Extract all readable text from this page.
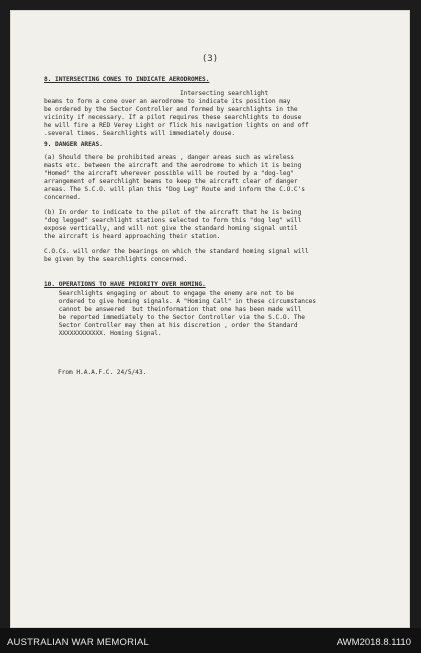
(3)
8. INTERSECTING CONES TO INDICATE AERODROMES.
Intersecting searchlight
beams to form a cone over an aerodrome to indicate its position may
be ordered by the Sector Controller and formed by searchlights in the
vicinity if necessary. If a pilot requires these searchlights to douse
he will fire a RED Verey Light or flick his navigation lights on and off
.several times. Searchlights will immediately douse.
9. DANGER AREAS.
(a) Should there be prohibited areas , danger areas such as wireless
masts etc. between the aircraft and the aerodrome to which it is being
"Homed" the aircraft wherever possible will be routed by a "dog-leg"
arrangement of searchlight beams to keep the aircraft clear of danger
areas. The S.C.O. will plan this "Dog Leg" Route and inform the C.O.C's
concerned.
(b) In order to indicate to the pilot of the aircraft that he is being
"dog legged" searchlight stations selected to form this "dog leg" will
expose vertically, and will not give the standard homing signal until
the aircraft is heard approaching their station.
C.O.Cs. will order the bearings on which the standard homing signal will
be given by the searchlights concerned.
10. OPERATIONS TO HAVE PRIORITY OVER HOMING.
Searchlights engaging or about to engage the enemy are not to be
ordered to give homing signals. A "Homing Call" in these circumstances
cannot be answered  but theinformation that one has been made will
be reported immediately to the Sector Controller via the S.C.O. The
Sector Controller may then at his discretion , order the Standard
XXXXXXXXXXXX. Homing Signal.
From H.A.A.F.C. 24/5/43.
AUSTRALIAN WAR MEMORIAL	AWM2018.8.1110
